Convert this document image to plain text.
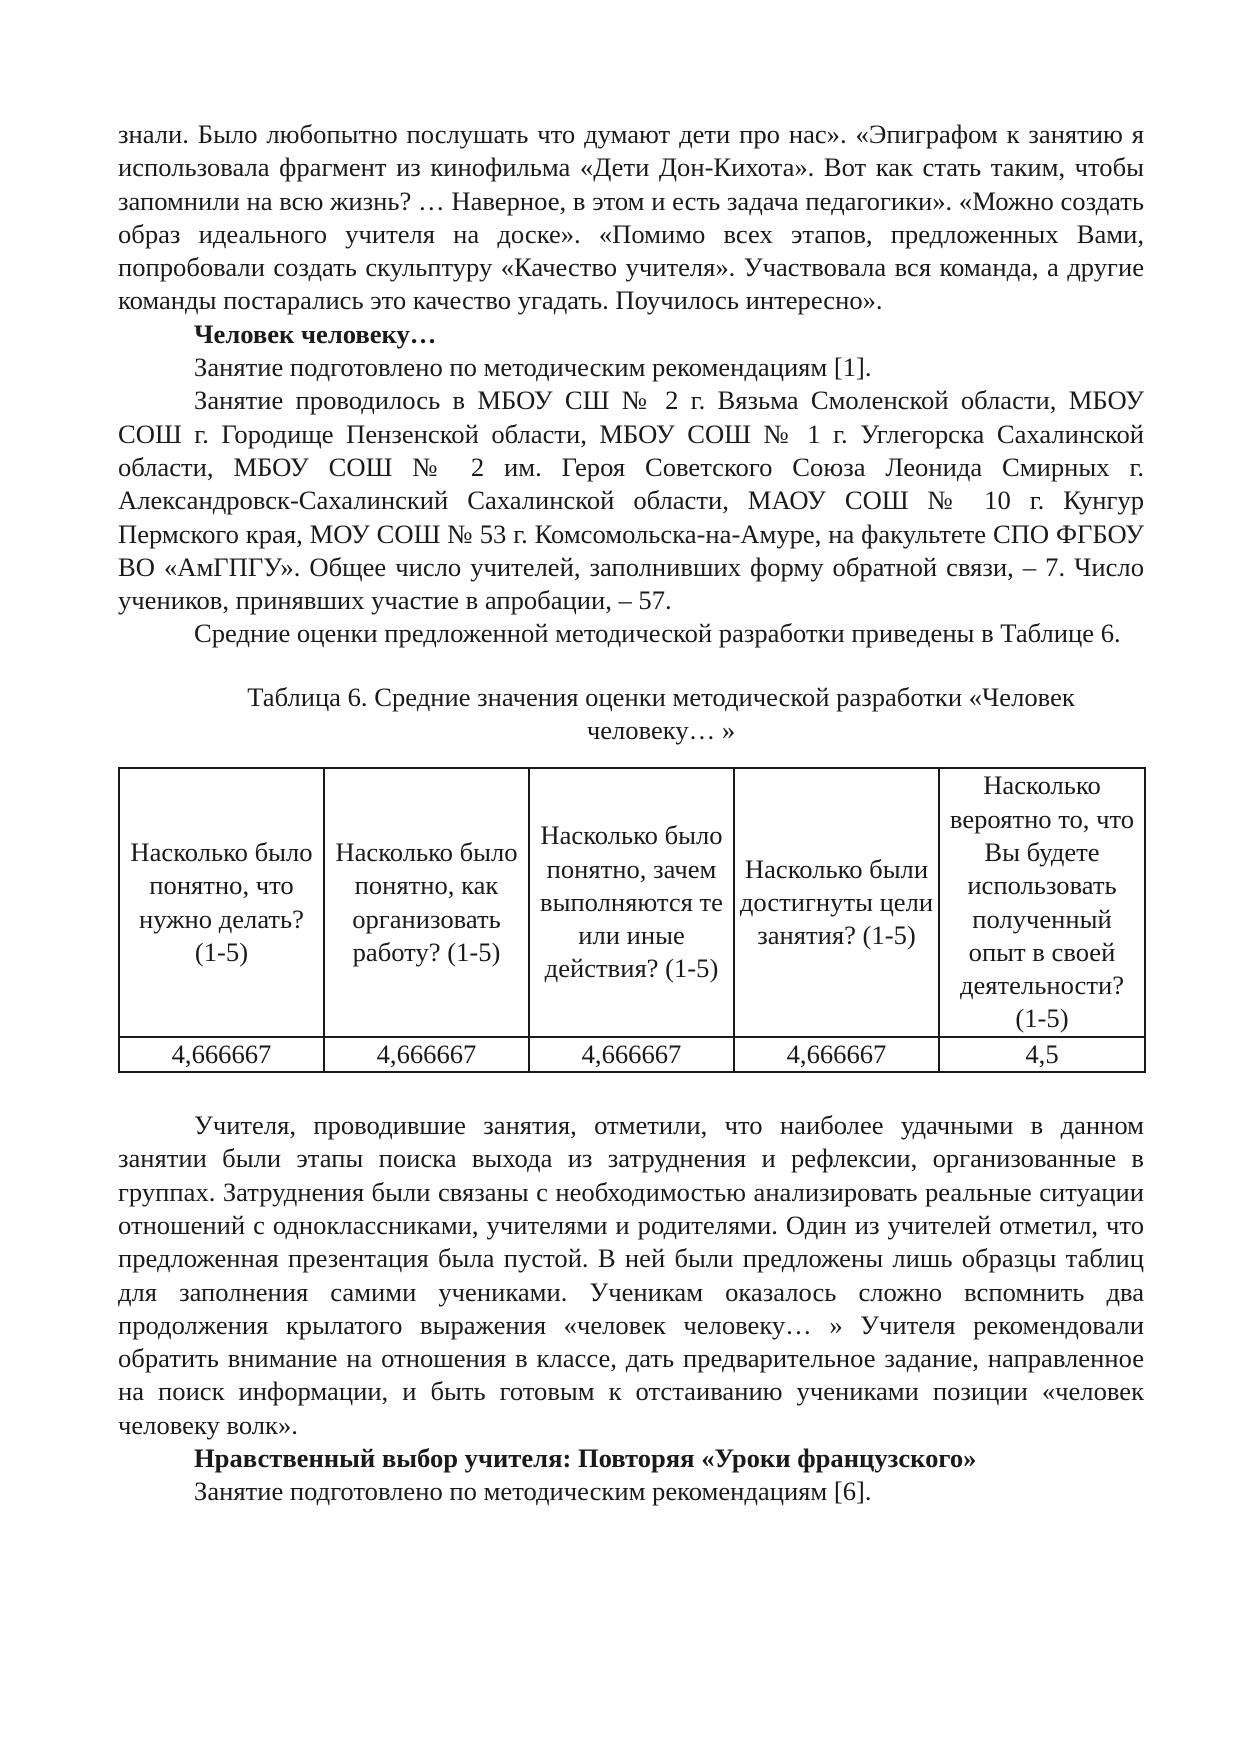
знали. Было любопытно послушать что думают дети про нас». «Эпиграфом к занятию я использовала фрагмент из кинофильма «Дети Дон-Кихота». Вот как стать таким, чтобы запомнили на всю жизнь? … Наверное, в этом и есть задача педагогики». «Можно создать образ идеального учителя на доске». «Помимо всех этапов, предложенных Вами, попробовали создать скульптуру «Качество учителя». Участвовала вся команда, а другие команды постарались это качество угадать. Поучилось интересно».

Человек человеку…

Занятие подготовлено по методическим рекомендациям [1].

Занятие проводилось в МБОУ СШ № 2 г. Вязьма Смоленской области, МБОУ СОШ г. Городище Пензенской области, МБОУ СОШ № 1 г. Углегорска Сахалинской области, МБОУ СОШ № 2 им. Героя Советского Союза Леонида Смирных г. Александровск-Сахалинский Сахалинской области, МАОУ СОШ № 10 г. Кунгур Пермского края, МОУ СОШ № 53 г. Комсомольска-на-Амуре, на факультете СПО ФГБОУ ВО «АмГПГУ». Общее число учителей, заполнивших форму обратной связи, – 7. Число учеников, принявших участие в апробации, – 57.

Средние оценки предложенной методической разработки приведены в Таблице 6.

Таблица 6. Средние значения оценки методической разработки «Человек человеку… »

Насколько было понятно, что нужно делать? (1-5)	Насколько было понятно, как организовать работу? (1-5)	Насколько было понятно, зачем выполняются те или иные действия? (1-5)	Насколько были достигнуты цели занятия? (1-5)	Насколько вероятно то, что Вы будете использовать полученный опыт в своей деятельности? (1-5)
4,666667	4,666667	4,666667	4,666667	4,5

Учителя, проводившие занятия, отметили, что наиболее удачными в данном занятии были этапы поиска выхода из затруднения и рефлексии, организованные в группах. Затруднения были связаны с необходимостью анализировать реальные ситуации отношений с одноклассниками, учителями и родителями. Один из учителей отметил, что предложенная презентация была пустой. В ней были предложены лишь образцы таблиц для заполнения самими учениками. Ученикам оказалось сложно вспомнить два продолжения крылатого выражения «человек человеку… » Учителя рекомендовали обратить внимание на отношения в классе, дать предварительное задание, направленное на поиск информации, и быть готовым к отстаиванию учениками позиции «человек человеку волк».

Нравственный выбор учителя: Повторяя «Уроки французского»

Занятие подготовлено по методическим рекомендациям [6].
